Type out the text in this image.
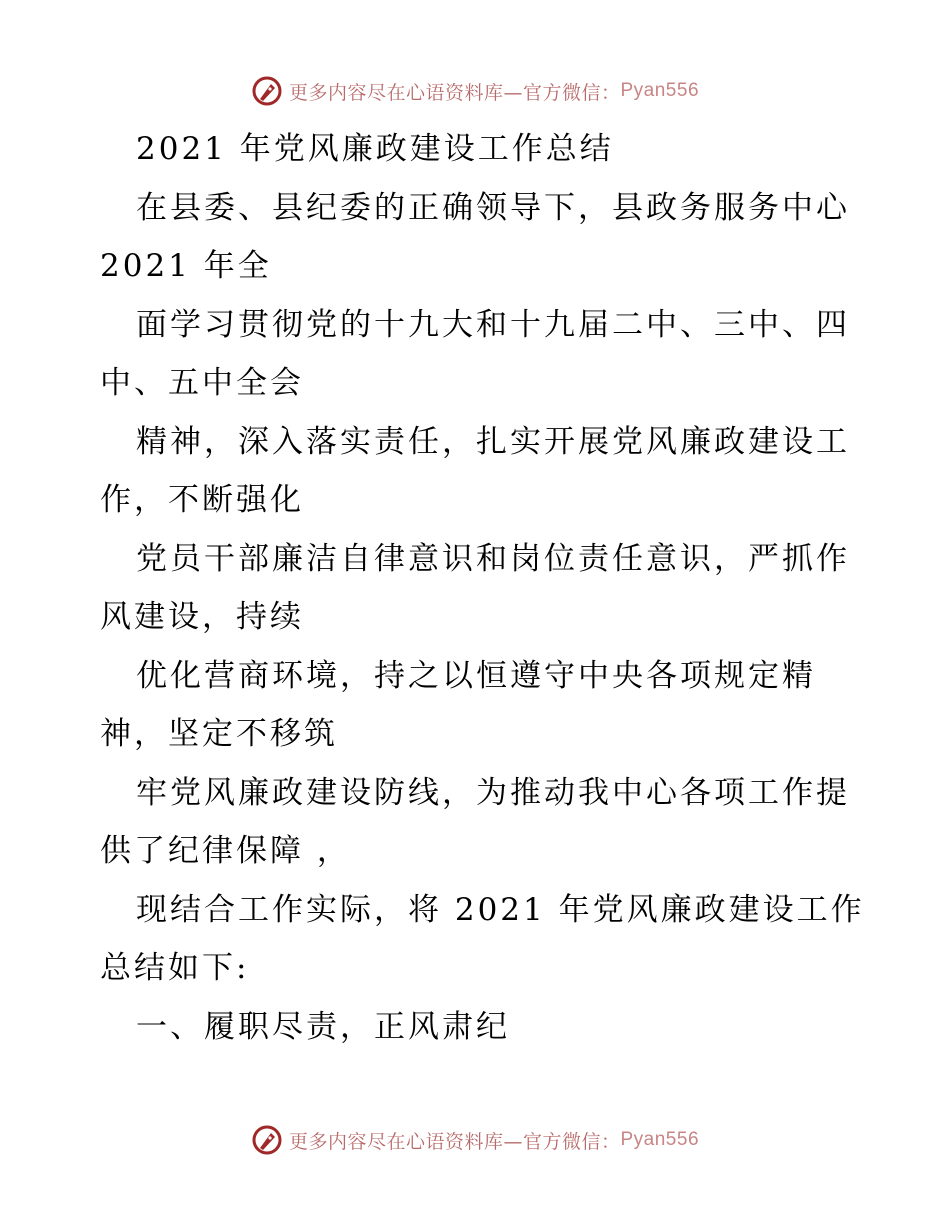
更多内容尽在心语资料库—官方微信： Pyan556
2021 年党风廉政建设工作总结
在县委、县纪委的正确领导下，县政务服务中心
2021 年全
面学习贯彻党的十九大和十九届二中、三中、四
中、五中全会
精神，深入落实责任，扎实开展党风廉政建设工
作，不断强化
党员干部廉洁自律意识和岗位责任意识，严抓作
风建设，持续
优化营商环境，持之以恒遵守中央各项规定精
神，坚定不移筑
牢党风廉政建设防线，为推动我中心各项工作提
供了纪律保障 ，
现结合工作实际，将 2021 年党风廉政建设工作
总结如下:
一、履职尽责，正风肃纪
更多内容尽在心语资料库—官方微信： Pyan556
